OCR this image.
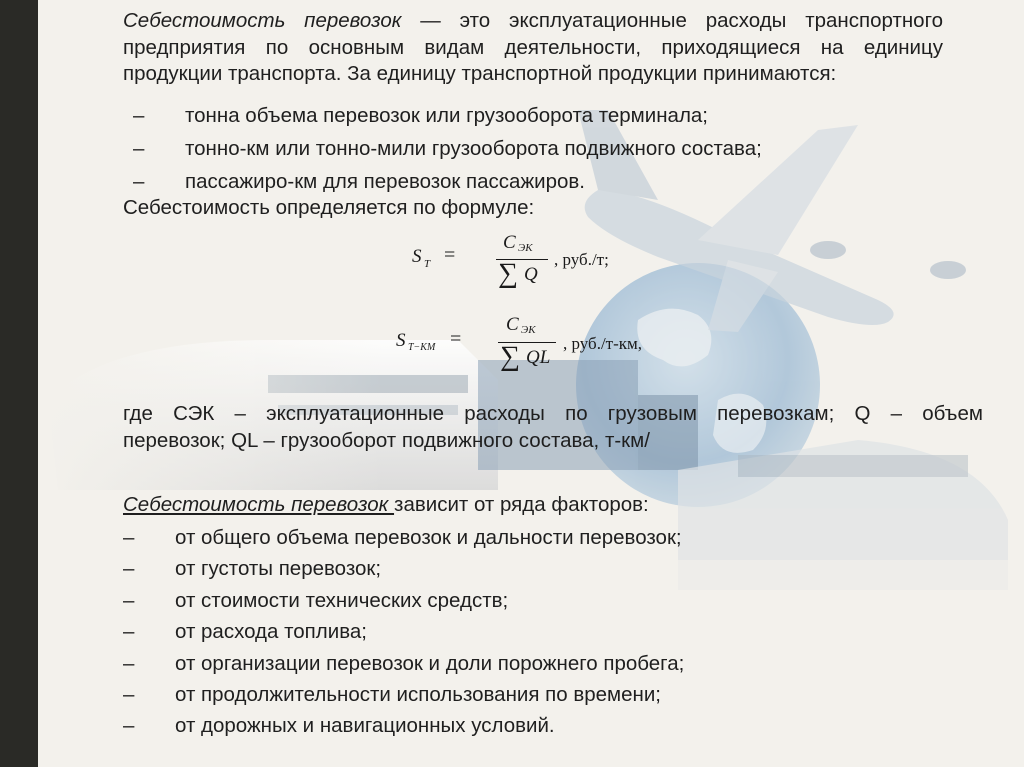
Себестоимость перевозок — это эксплуатационные расходы транспортного
предприятия по основным видам деятельности, приходящиеся на единицу
продукции транспорта. За единицу транспортной продукции принимаются:
– тонна объема перевозок или грузооборота терминала;
– тонно-км или тонно-мили грузооборота подвижного состава;
– пассажиро-км для перевозок пассажиров.
Себестоимость определяется по формуле:
S Т =
C ЭК
∑ Q
, руб./т;
S Т−КМ =
C ЭК
∑ QL
, руб./т-км,
где СЭК – эксплуатационные расходы по грузовым перевозкам; Q – объем
перевозок; QL – грузооборот подвижного состава, т-км/
Себестоимость перевозок зависит от ряда факторов:
– от общего объема перевозок и дальности перевозок;
– от густоты перевозок;
– от стоимости технических средств;
– от расхода топлива;
– от организации перевозок и доли порожнего пробега;
– от продолжительности использования по времени;
– от дорожных и навигационных условий.
